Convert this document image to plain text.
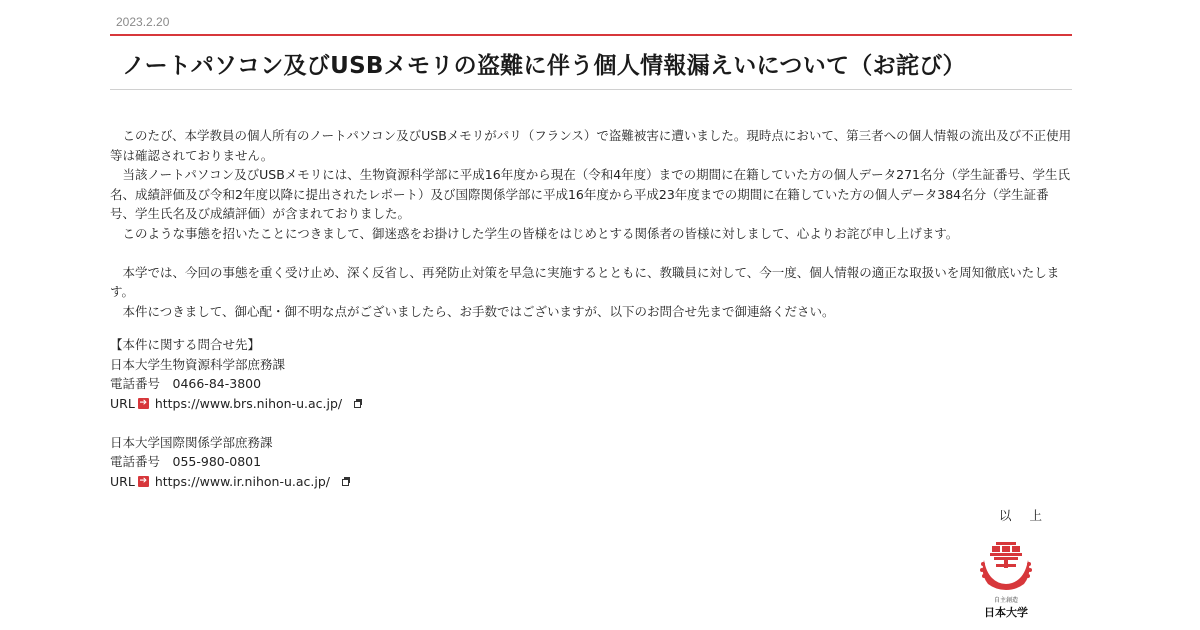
2023.2.20
ノートパソコン及びUSBメモリの盗難に伴う個人情報漏えいについて（お詫び）

このたび、本学教員の個人所有のノートパソコン及びUSBメモリがパリ（フランス）で盗難被害に遭いました。現時点において、第三者への個人情報の流出及び不正使用等は確認されておりません。

当該ノートパソコン及びUSBメモリには、生物資源科学部に平成16年度から現在（令和4年度）までの期間に在籍していた方の個人データ271名分（学生証番号、学生氏名、成績評価及び令和2年度以降に提出されたレポート）及び国際関係学部に平成16年度から平成23年度までの期間に在籍していた方の個人データ384名分（学生証番号、学生氏名及び成績評価）が含まれておりました。

このような事態を招いたことにつきまして、御迷惑をお掛けした学生の皆様をはじめとする関係者の皆様に対しまして、心よりお詫び申し上げます。

本学では、今回の事態を重く受け止め、深く反省し、再発防止対策を早急に実施するとともに、教職員に対して、今一度、個人情報の適正な取扱いを周知徹底いたします。

本件につきまして、御心配・御不明な点がございましたら、お手数ではございますが、以下のお問合せ先まで御連絡ください。

【本件に関する問合せ先】
日本大学生物資源科学部庶務課
電話番号　0466-84-3800
URL ➔ https://www.brs.nihon-u.ac.jp/
日本大学国際関係学部庶務課
電話番号　055-980-0801
URL ➔ https://www.ir.nihon-u.ac.jp/
以上
自主創造
日本大学
